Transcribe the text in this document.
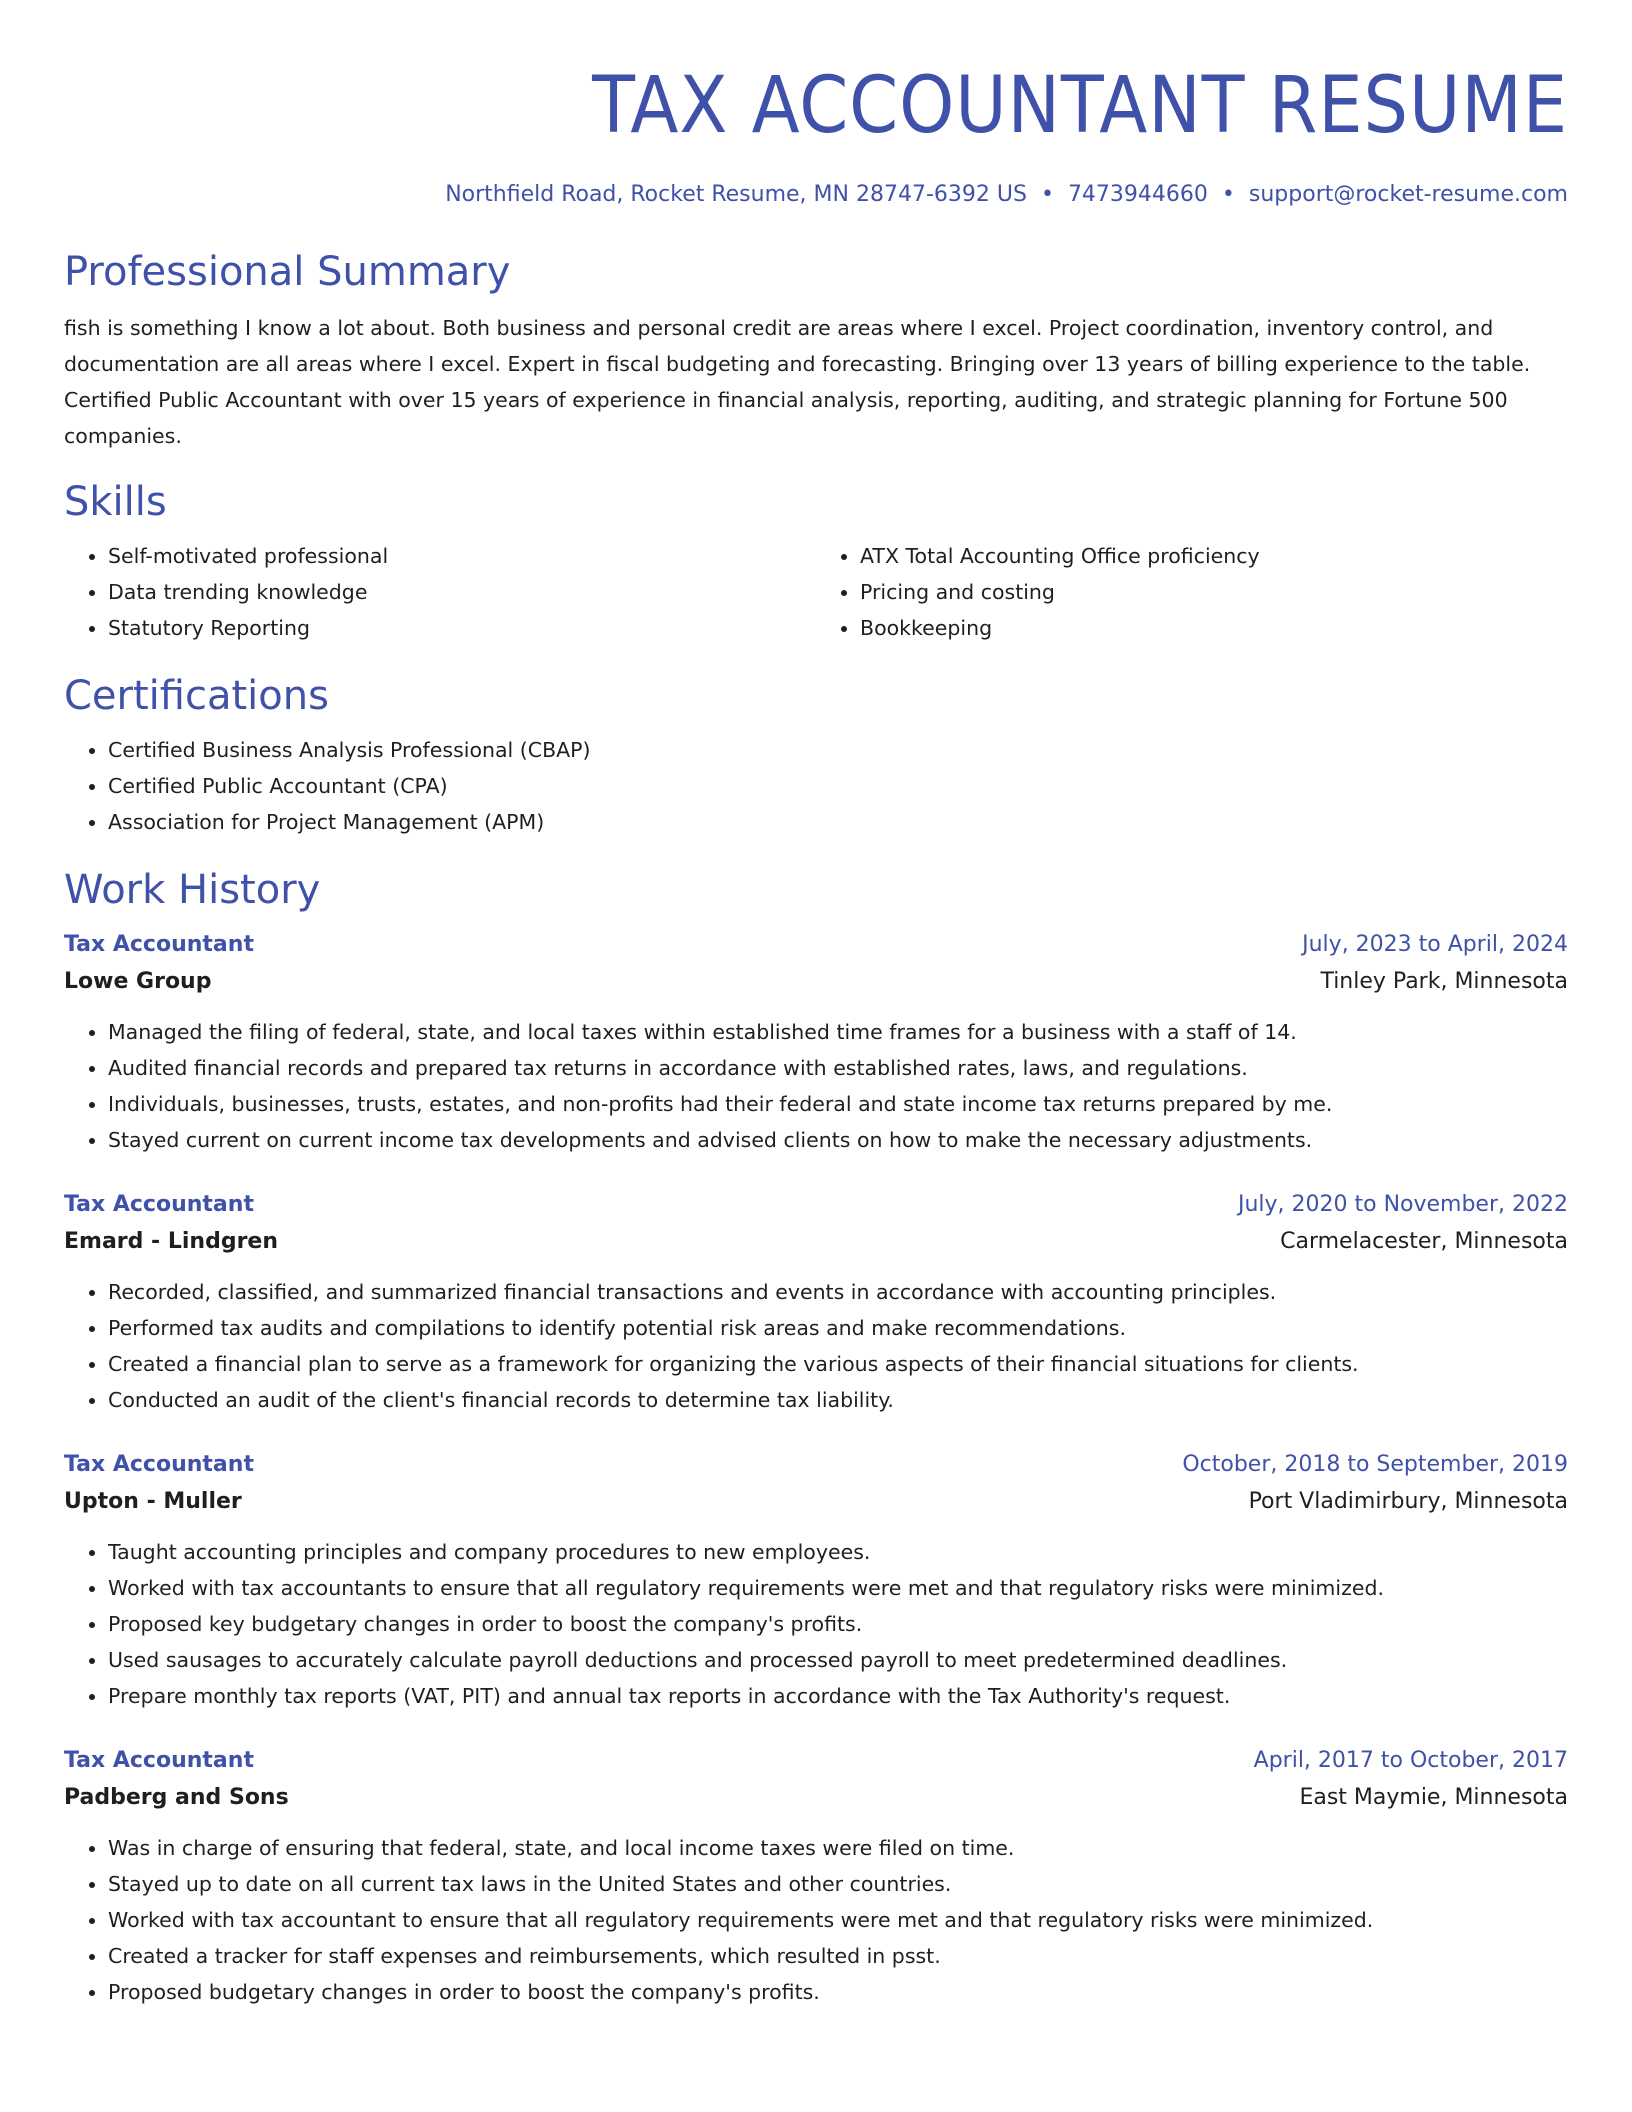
TAX ACCOUNTANT RESUME
Northfield Road, Rocket Resume, MN 28747-6392 US • 7473944660 • support@rocket-resume.com
Professional Summary

fish is something I know a lot about. Both business and personal credit are areas where I excel. Project coordination, inventory control, and documentation are all areas where I excel. Expert in fiscal budgeting and forecasting. Bringing over 13 years of billing experience to the table. Certified Public Accountant with over 15 years of experience in financial analysis, reporting, auditing, and strategic planning for Fortune 500 companies.

Skills
• Self-motivated professional
• Data trending knowledge
• Statutory Reporting
• ATX Total Accounting Office proficiency
• Pricing and costing
• Bookkeeping
Certifications
• Certified Business Analysis Professional (CBAP)
• Certified Public Accountant (CPA)
• Association for Project Management (APM)
Work History
Tax Accountant	July, 2023 to April, 2024
Lowe Group	Tinley Park, Minnesota
• Managed the filing of federal, state, and local taxes within established time frames for a business with a staff of 14.
• Audited financial records and prepared tax returns in accordance with established rates, laws, and regulations.
• Individuals, businesses, trusts, estates, and non-profits had their federal and state income tax returns prepared by me.
• Stayed current on current income tax developments and advised clients on how to make the necessary adjustments.
Tax Accountant	July, 2020 to November, 2022
Emard - Lindgren	Carmelacester, Minnesota
• Recorded, classified, and summarized financial transactions and events in accordance with accounting principles.
• Performed tax audits and compilations to identify potential risk areas and make recommendations.
• Created a financial plan to serve as a framework for organizing the various aspects of their financial situations for clients.
• Conducted an audit of the client's financial records to determine tax liability.
Tax Accountant	October, 2018 to September, 2019
Upton - Muller	Port Vladimirbury, Minnesota
• Taught accounting principles and company procedures to new employees.
• Worked with tax accountants to ensure that all regulatory requirements were met and that regulatory risks were minimized.
• Proposed key budgetary changes in order to boost the company's profits.
• Used sausages to accurately calculate payroll deductions and processed payroll to meet predetermined deadlines.
• Prepare monthly tax reports (VAT, PIT) and annual tax reports in accordance with the Tax Authority's request.
Tax Accountant	April, 2017 to October, 2017
Padberg and Sons	East Maymie, Minnesota
• Was in charge of ensuring that federal, state, and local income taxes were filed on time.
• Stayed up to date on all current tax laws in the United States and other countries.
• Worked with tax accountant to ensure that all regulatory requirements were met and that regulatory risks were minimized.
• Created a tracker for staff expenses and reimbursements, which resulted in psst.
• Proposed budgetary changes in order to boost the company's profits.
